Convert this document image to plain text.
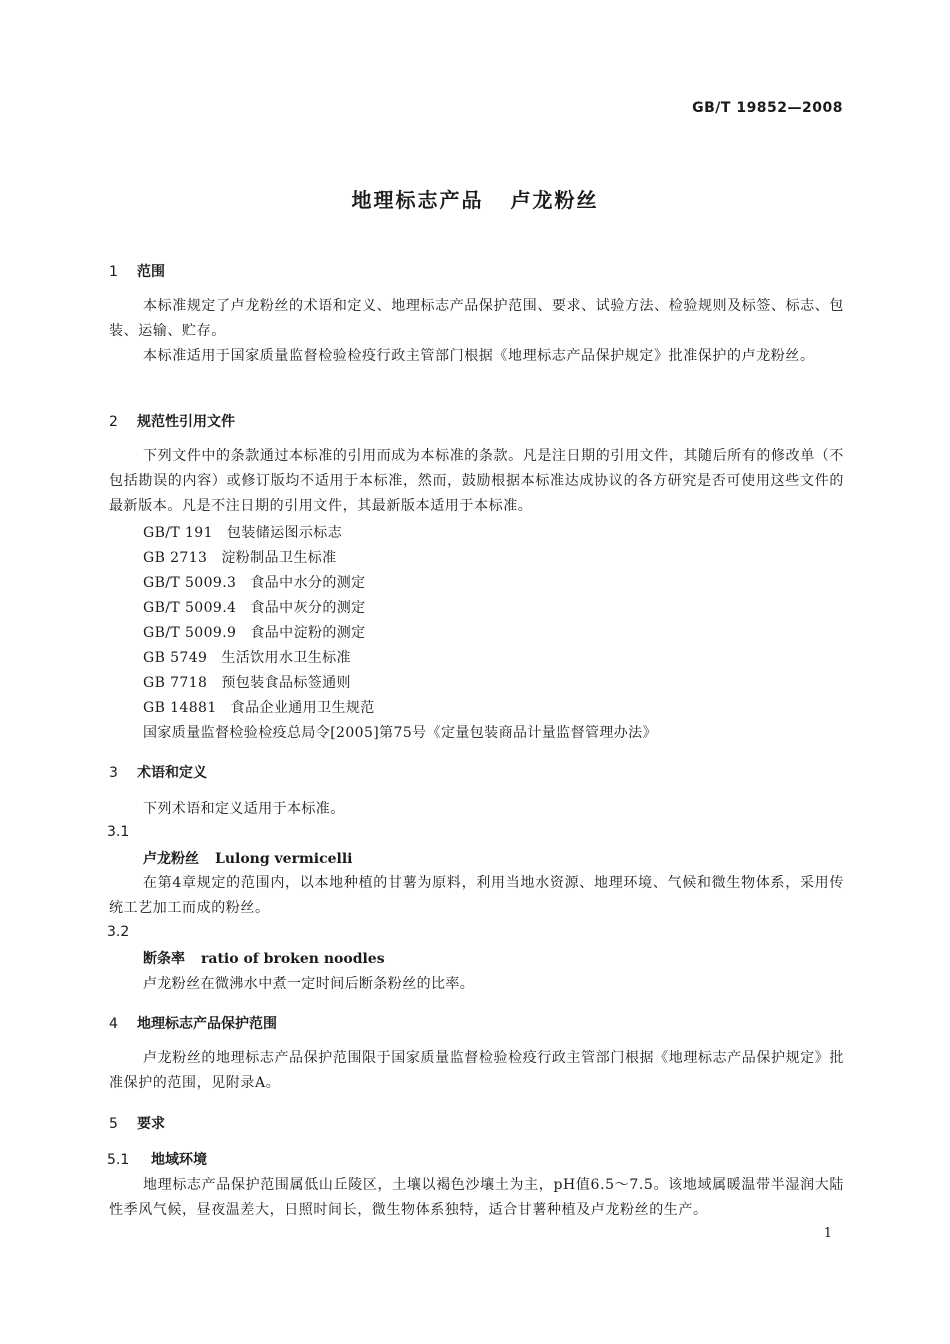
GB/T 19852—2008
地理标志产品 卢龙粉丝
1 范围
本标准规定了卢龙粉丝的术语和定义、地理标志产品保护范围、要求、试验方法、检验规则及标签、标志、包装、运输、贮存。
本标准适用于国家质量监督检验检疫行政主管部门根据《地理标志产品保护规定》批准保护的卢龙粉丝。
2 规范性引用文件
下列文件中的条款通过本标准的引用而成为本标准的条款。凡是注日期的引用文件，其随后所有的修改单（不包括勘误的内容）或修订版均不适用于本标准，然而，鼓励根据本标准达成协议的各方研究是否可使用这些文件的最新版本。凡是不注日期的引用文件，其最新版本适用于本标准。
GB/T 191 包装储运图示标志
GB 2713 淀粉制品卫生标准
GB/T 5009.3 食品中水分的测定
GB/T 5009.4 食品中灰分的测定
GB/T 5009.9 食品中淀粉的测定
GB 5749 生活饮用水卫生标准
GB 7718 预包装食品标签通则
GB 14881 食品企业通用卫生规范
国家质量监督检验检疫总局令[2005]第75号《定量包装商品计量监督管理办法》
3 术语和定义
下列术语和定义适用于本标准。
3.1
卢龙粉丝 Lulong vermicelli
在第4章规定的范围内，以本地种植的甘薯为原料，利用当地水资源、地理环境、气候和微生物体系，采用传统工艺加工而成的粉丝。
3.2
断条率 ratio of broken noodles
卢龙粉丝在微沸水中煮一定时间后断条粉丝的比率。
4 地理标志产品保护范围
卢龙粉丝的地理标志产品保护范围限于国家质量监督检验检疫行政主管部门根据《地理标志产品保护规定》批准保护的范围，见附录A。
5 要求
5.1 地域环境
地理标志产品保护范围属低山丘陵区，土壤以褐色沙壤土为主，pH值6.5～7.5。该地域属暖温带半湿润大陆性季风气候，昼夜温差大，日照时间长，微生物体系独特，适合甘薯种植及卢龙粉丝的生产。
1
